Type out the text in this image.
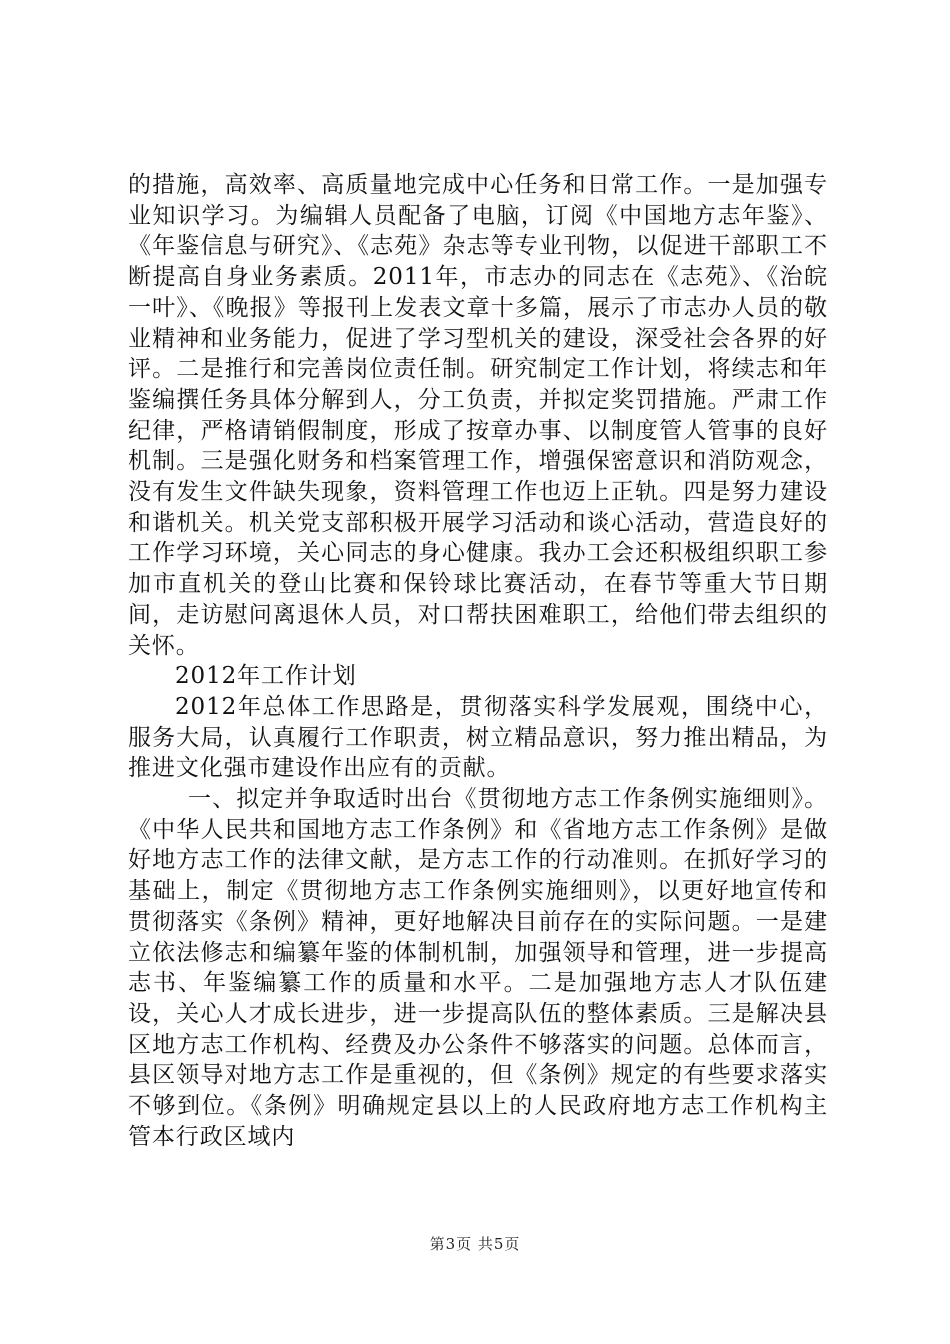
的措施，高效率、高质量地完成中心任务和日常工作。一是加强专业知识学习。为编辑人员配备了电脑，订阅《中国地方志年鉴》、《年鉴信息与研究》、《志苑》杂志等专业刊物，以促进干部职工不断提高自身业务素质。2011年，市志办的同志在《志苑》、《治皖一叶》、《晚报》等报刊上发表文章十多篇，展示了市志办人员的敬业精神和业务能力，促进了学习型机关的建设，深受社会各界的好评。二是推行和完善岗位责任制。研究制定工作计划，将续志和年鉴编撰任务具体分解到人，分工负责，并拟定奖罚措施。严肃工作纪律，严格请销假制度，形成了按章办事、以制度管人管事的良好机制。三是强化财务和档案管理工作，增强保密意识和消防观念，没有发生文件缺失现象，资料管理工作也迈上正轨。四是努力建设和谐机关。机关党支部积极开展学习活动和谈心活动，营造良好的工作学习环境，关心同志的身心健康。我办工会还积极组织职工参加市直机关的登山比赛和保铃球比赛活动，在春节等重大节日期间，走访慰问离退休人员，对口帮扶困难职工，给他们带去组织的关怀。

2012年工作计划

2012年总体工作思路是，贯彻落实科学发展观，围绕中心，服务大局，认真履行工作职责，树立精品意识，努力推出精品，为推进文化强市建设作出应有的贡献。

一、拟定并争取适时出台《贯彻地方志工作条例实施细则》。《中华人民共和国地方志工作条例》和《省地方志工作条例》是做好地方志工作的法律文献，是方志工作的行动准则。在抓好学习的基础上，制定《贯彻地方志工作条例实施细则》，以更好地宣传和贯彻落实《条例》精神，更好地解决目前存在的实际问题。一是建立依法修志和编纂年鉴的体制机制，加强领导和管理，进一步提高志书、年鉴编纂工作的质量和水平。二是加强地方志人才队伍建设，关心人才成长进步，进一步提高队伍的整体素质。三是解决县区地方志工作机构、经费及办公条件不够落实的问题。总体而言，县区领导对地方志工作是重视的，但《条例》规定的有些要求落实不够到位。《条例》明确规定县以上的人民政府地方志工作机构主管本行政区域内

第3页 共5页
